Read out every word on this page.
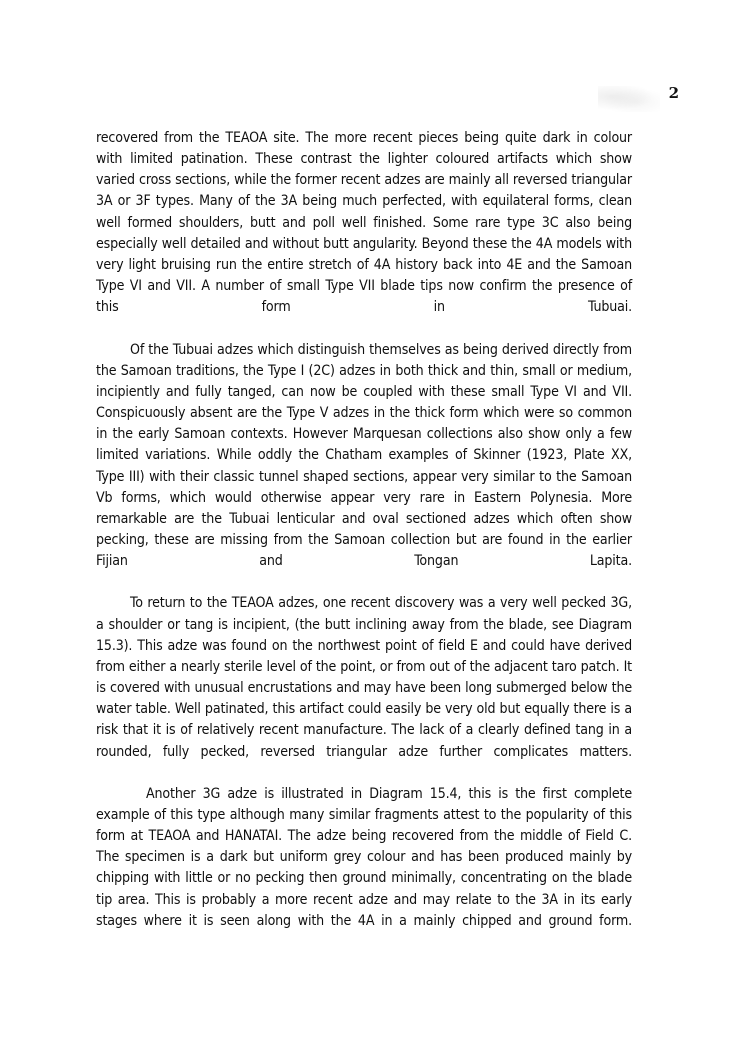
2

recovered from the TEAOA site. The more recent pieces being quite dark in colour with limited patination. These contrast the lighter coloured artifacts which show varied cross sections, while the former recent adzes are mainly all reversed triangular 3A or 3F types. Many of the 3A being much perfected, with equilateral forms, clean well formed shoulders, butt and poll well finished. Some rare type 3C also being especially well detailed and without butt angularity. Beyond these the 4A models with very light bruising run the entire stretch of 4A history back into 4E and the Samoan Type VI and VII. A number of small Type VII blade tips now confirm the presence of this form in Tubuai.

Of the Tubuai adzes which distinguish themselves as being derived directly from the Samoan traditions, the Type I (2C) adzes in both thick and thin, small or medium, incipiently and fully tanged, can now be coupled with these small Type VI and VII. Conspicuously absent are the Type V adzes in the thick form which were so common in the early Samoan contexts. However Marquesan collections also show only a few limited variations. While oddly the Chatham examples of Skinner (1923, Plate XX, Type III) with their classic tunnel shaped sections, appear very similar to the Samoan Vb forms, which would otherwise appear very rare in Eastern Polynesia. More remarkable are the Tubuai lenticular and oval sectioned adzes which often show pecking, these are missing from the Samoan collection but are found in the earlier Fijian and Tongan Lapita.

To return to the TEAOA adzes, one recent discovery was a very well pecked 3G, a shoulder or tang is incipient, (the butt inclining away from the blade, see Diagram 15.3). This adze was found on the northwest point of field E and could have derived from either a nearly sterile level of the point, or from out of the adjacent taro patch. It is covered with unusual encrustations and may have been long submerged below the water table. Well patinated, this artifact could easily be very old but equally there is a risk that it is of relatively recent manufacture. The lack of a clearly defined tang in a rounded, fully pecked, reversed triangular adze further complicates matters.

Another 3G adze is illustrated in Diagram 15.4, this is the first complete example of this type although many similar fragments attest to the popularity of this form at TEAOA and HANATAI. The adze being recovered from the middle of Field C. The specimen is a dark but uniform grey colour and has been produced mainly by chipping with little or no pecking then ground minimally, concentrating on the blade tip area. This is probably a more recent adze and may relate to the 3A in its early stages where it is seen along with the 4A in a mainly chipped and ground form.
